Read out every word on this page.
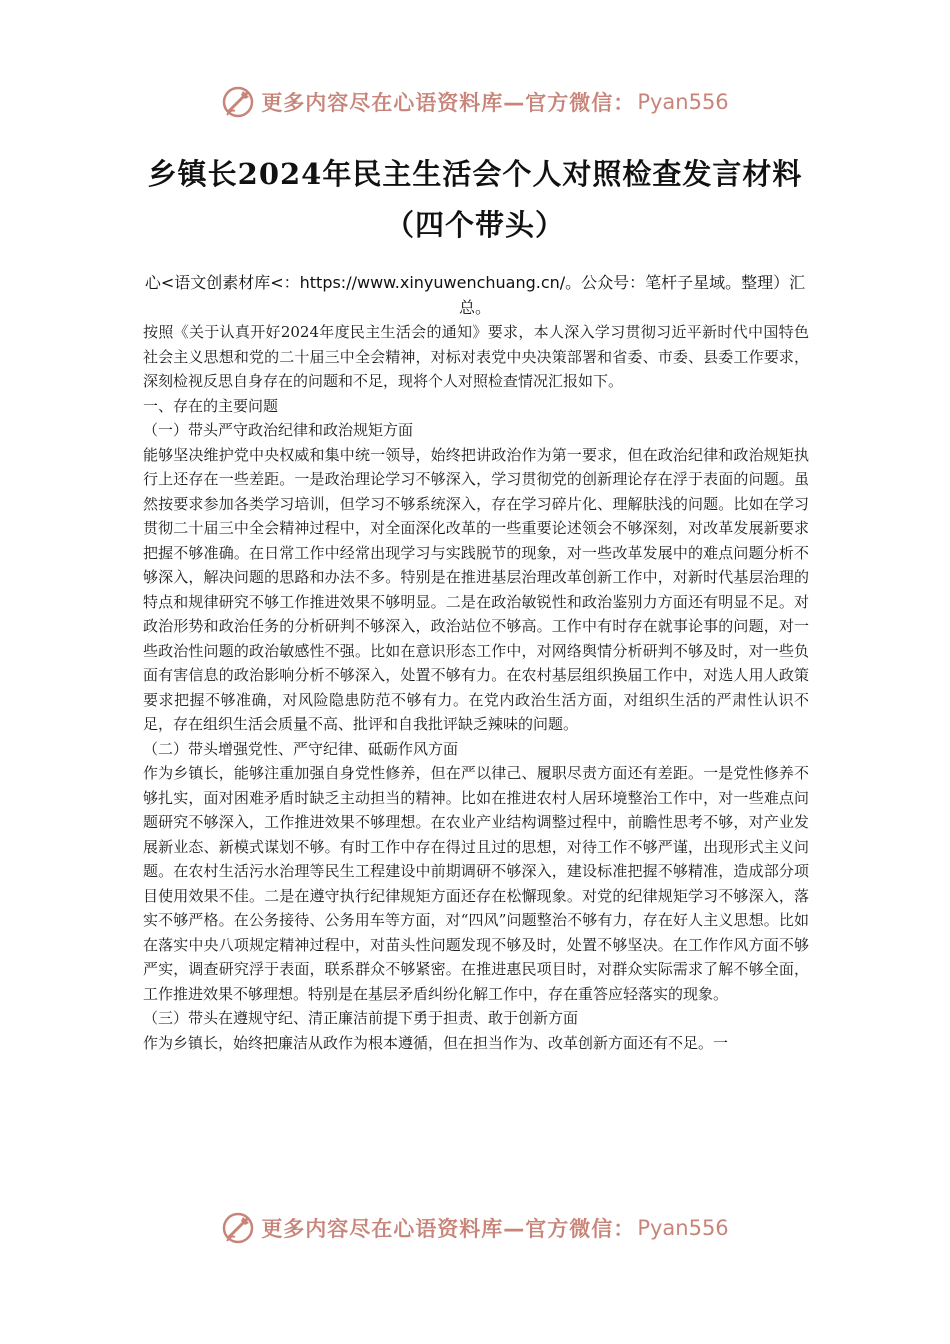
更多内容尽在心语资料库—官方微信： Pyan556
乡镇长2024年民主生活会个人对照检查发言材料
（四个带头）
心<语文创素材库<：https://www.xinyuwenchuang.cn/。公众号：笔杆子星域。整理）汇总。

按照《关于认真开好2024年度民主生活会的通知》要求，本人深入学习贯彻习近平新时代中国特色社会主义思想和党的二十届三中全会精神，对标对表党中央决策部署和省委、市委、县委工作要求，深刻检视反思自身存在的问题和不足，现将个人对照检查情况汇报如下。

一、存在的主要问题

（一）带头严守政治纪律和政治规矩方面

能够坚决维护党中央权威和集中统一领导，始终把讲政治作为第一要求，但在政治纪律和政治规矩执行上还存在一些差距。一是政治理论学习不够深入，学习贯彻党的创新理论存在浮于表面的问题。虽然按要求参加各类学习培训，但学习不够系统深入，存在学习碎片化、理解肤浅的问题。比如在学习贯彻二十届三中全会精神过程中，对全面深化改革的一些重要论述领会不够深刻，对改革发展新要求把握不够准确。在日常工作中经常出现学习与实践脱节的现象，对一些改革发展中的难点问题分析不够深入，解决问题的思路和办法不多。特别是在推进基层治理改革创新工作中，对新时代基层治理的特点和规律研究不够工作推进效果不够明显。二是在政治敏锐性和政治鉴别力方面还有明显不足。对政治形势和政治任务的分析研判不够深入，政治站位不够高。工作中有时存在就事论事的问题，对一些政治性问题的政治敏感性不强。比如在意识形态工作中，对网络舆情分析研判不够及时，对一些负面有害信息的政治影响分析不够深入，处置不够有力。在农村基层组织换届工作中，对选人用人政策要求把握不够准确，对风险隐患防范不够有力。在党内政治生活方面，对组织生活的严肃性认识不足，存在组织生活会质量不高、批评和自我批评缺乏辣味的问题。

（二）带头增强党性、严守纪律、砥砺作风方面

作为乡镇长，能够注重加强自身党性修养，但在严以律己、履职尽责方面还有差距。一是党性修养不够扎实，面对困难矛盾时缺乏主动担当的精神。比如在推进农村人居环境整治工作中，对一些难点问题研究不够深入，工作推进效果不够理想。在农业产业结构调整过程中，前瞻性思考不够，对产业发展新业态、新模式谋划不够。有时工作中存在得过且过的思想，对待工作不够严谨，出现形式主义问题。在农村生活污水治理等民生工程建设中前期调研不够深入，建设标准把握不够精准，造成部分项目使用效果不佳。二是在遵守执行纪律规矩方面还存在松懈现象。对党的纪律规矩学习不够深入，落实不够严格。在公务接待、公务用车等方面，对“四风”问题整治不够有力，存在好人主义思想。比如在落实中央八项规定精神过程中，对苗头性问题发现不够及时，处置不够坚决。在工作作风方面不够严实，调查研究浮于表面，联系群众不够紧密。在推进惠民项目时，对群众实际需求了解不够全面，工作推进效果不够理想。特别是在基层矛盾纠纷化解工作中，存在重答应轻落实的现象。

（三）带头在遵规守纪、清正廉洁前提下勇于担责、敢于创新方面

作为乡镇长，始终把廉洁从政作为根本遵循，但在担当作为、改革创新方面还有不足。一

更多内容尽在心语资料库—官方微信： Pyan556
